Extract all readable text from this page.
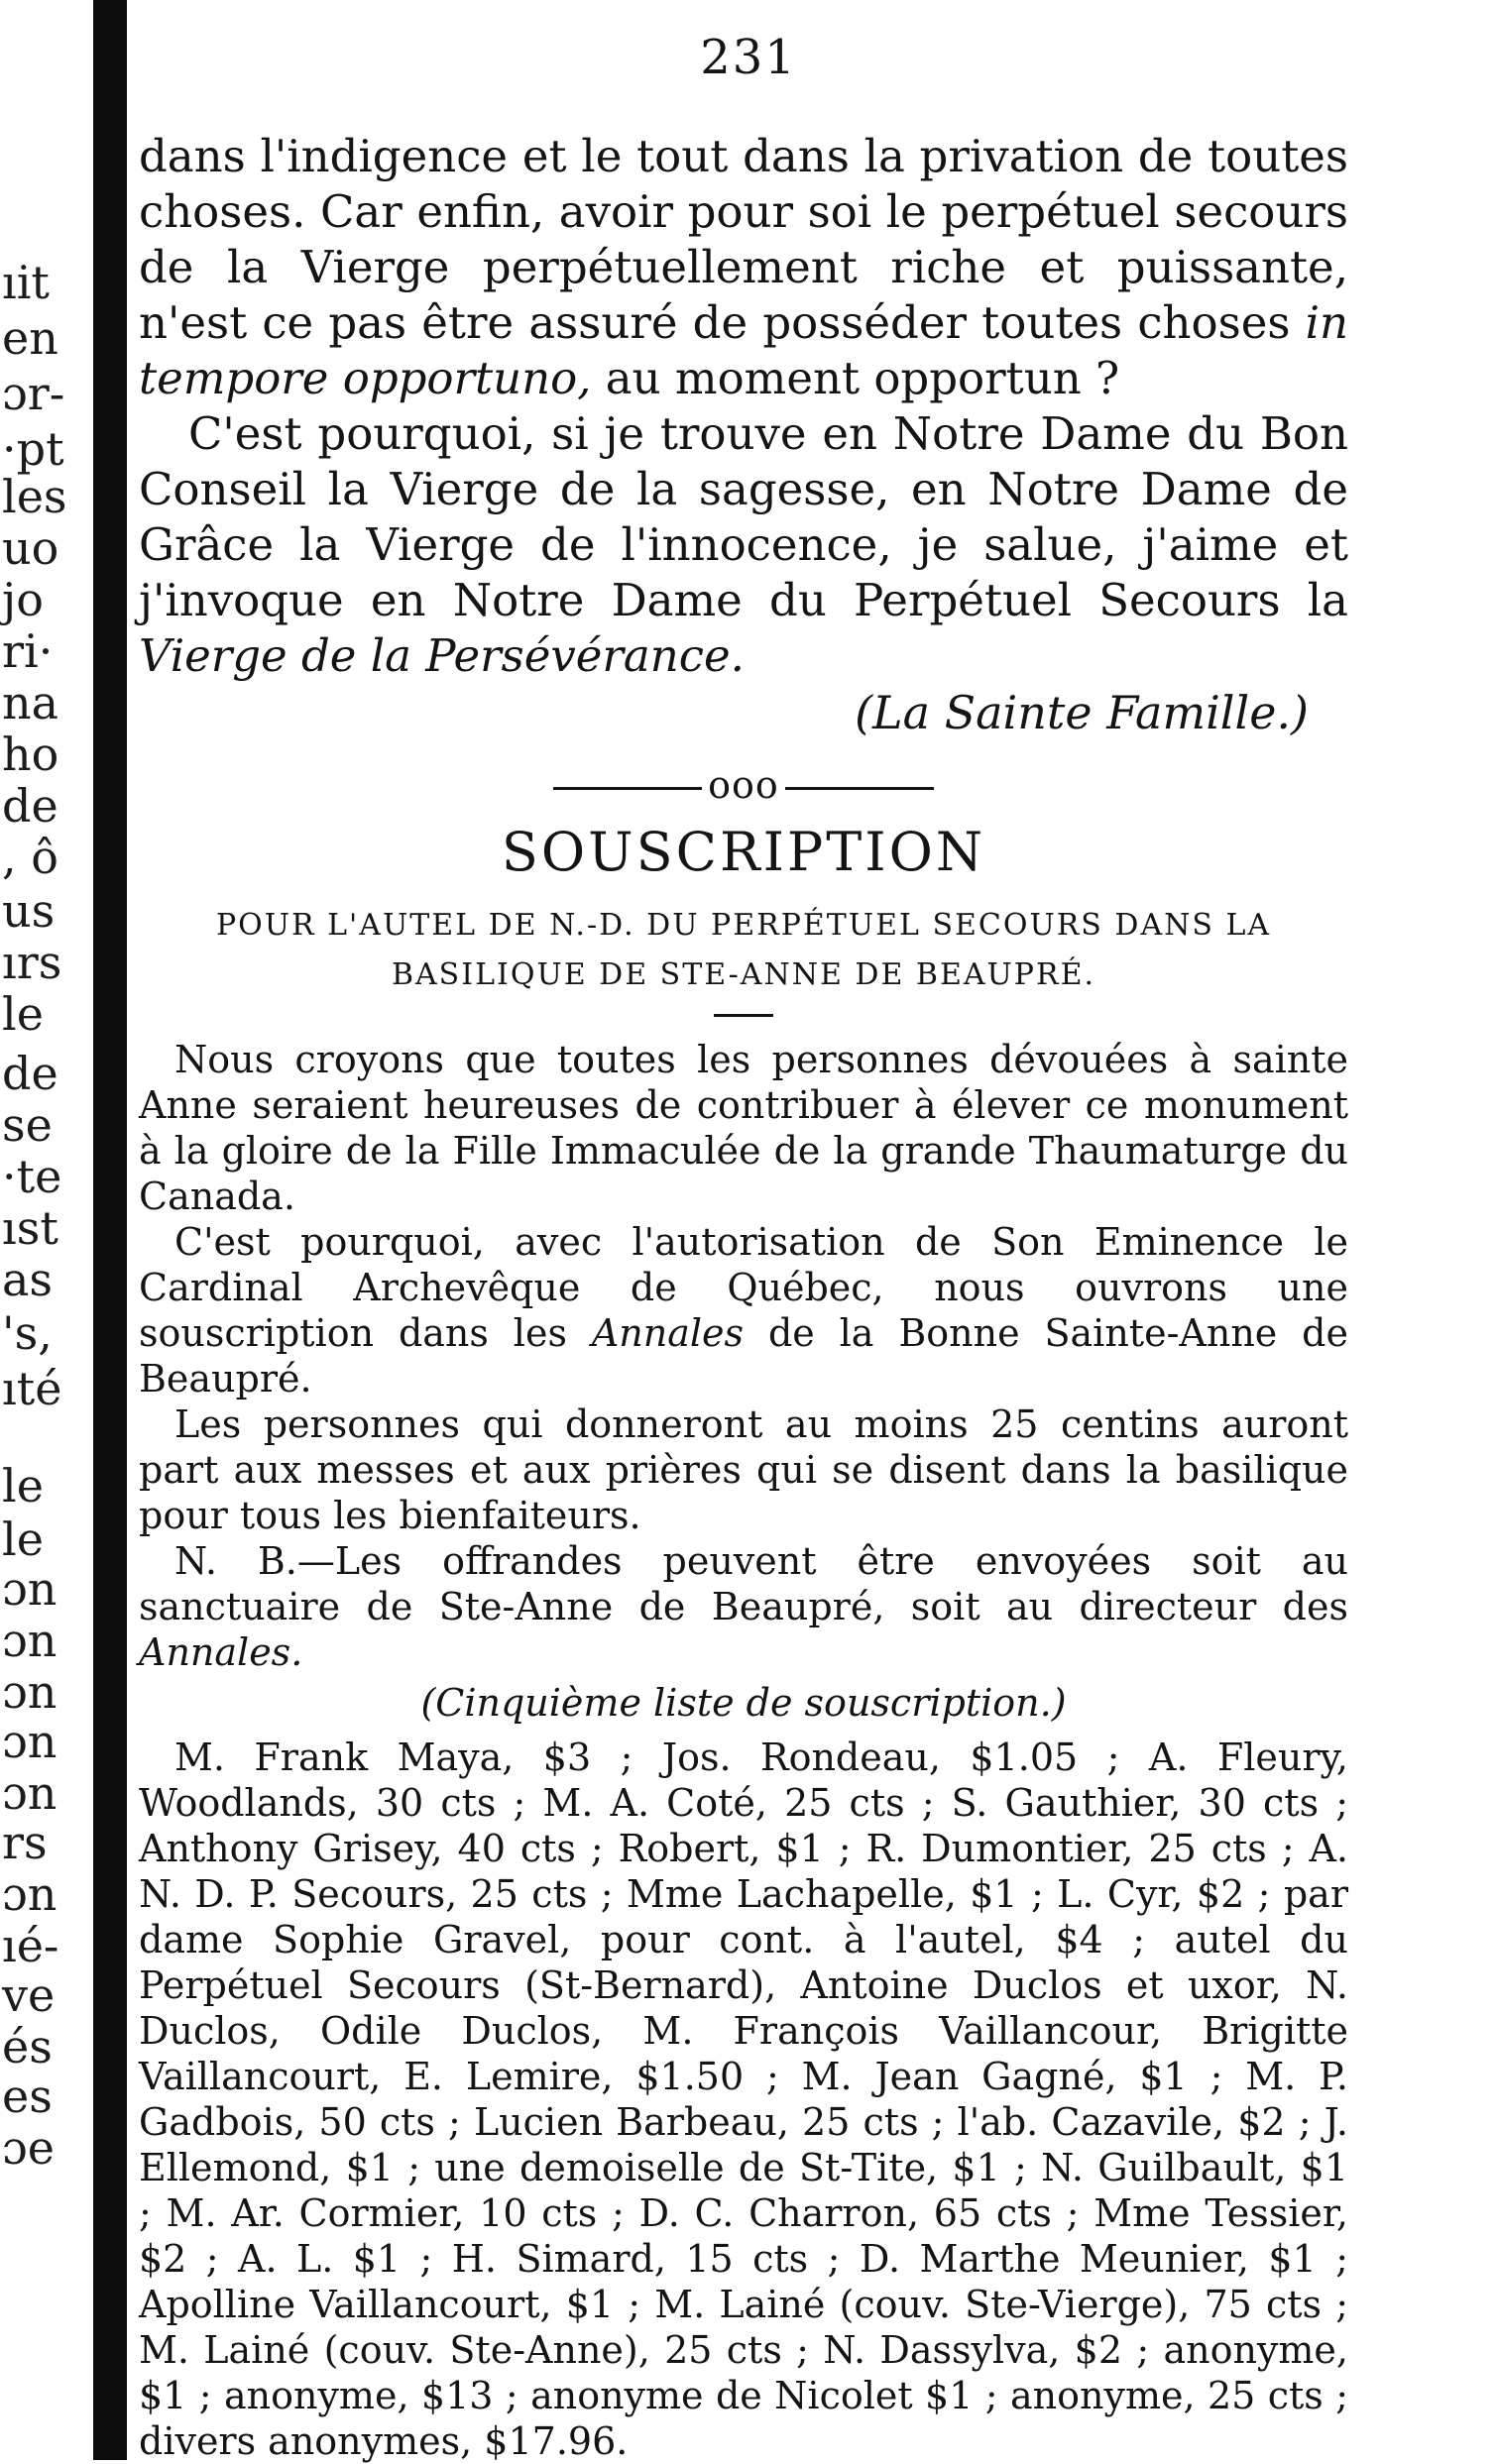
ıit
en
ɔr-
·pt
les
uo
jo
ri·
na
ho
de
, ô
us
ırs
le
de
se
·te
ıst
as
's,
ıté
le
le
ɔn
ɔn
ɔn
ɔn
ɔn
rs
ɔn
ıé-
ve
és
es
ɔe
231

dans l'indigence et le tout dans la privation de toutes choses. Car enfin, avoir pour soi le perpétuel secours de la Vierge perpétuellement riche et puissante, n'est ce pas être assuré de posséder toutes choses in tempore opportuno, au moment opportun ?

C'est pourquoi, si je trouve en Notre Dame du Bon Conseil la Vierge de la sagesse, en Notre Dame de Grâce la Vierge de l'innocence, je salue, j'aime et j'invoque en Notre Dame du Perpétuel Secours la Vierge de la Persévérance.

(La Sainte Famille.)
ooo
SOUSCRIPTION

POUR L'AUTEL DE N.-D. DU PERPÉTUEL SECOURS DANS LA

BASILIQUE DE STE-ANNE DE BEAUPRÉ.

Nous croyons que toutes les personnes dévouées à sainte Anne seraient heureuses de contribuer à élever ce monument à la gloire de la Fille Immaculée de la grande Thaumaturge du Canada.

C'est pourquoi, avec l'autorisation de Son Eminence le Cardinal Archevêque de Québec, nous ouvrons une souscription dans les Annales de la Bonne Sainte-Anne de Beaupré.

Les personnes qui donneront au moins 25 centins auront part aux messes et aux prières qui se disent dans la basilique pour tous les bienfaiteurs.

N. B.—Les offrandes peuvent être envoyées soit au sanctuaire de Ste-Anne de Beaupré, soit au directeur des Annales.

(Cinquième liste de souscription.)

M. Frank Maya, $3 ; Jos. Rondeau, $1.05 ; A. Fleury, Woodlands, 30 cts ; M. A. Coté, 25 cts ; S. Gauthier, 30 cts ; Anthony Grisey, 40 cts ; Robert, $1 ; R. Dumontier, 25 cts ; A. N. D. P. Secours, 25 cts ; Mme Lachapelle, $1 ; L. Cyr, $2 ; par dame Sophie Gravel, pour cont. à l'autel, $4 ; autel du Perpétuel Secours (St-Bernard), Antoine Duclos et uxor, N. Duclos, Odile Duclos, M. François Vaillancour, Brigitte Vaillancourt, E. Lemire, $1.50 ; M. Jean Gagné, $1 ; M. P. Gadbois, 50 cts ; Lucien Barbeau, 25 cts ; l'ab. Cazavile, $2 ; J. Ellemond, $1 ; une demoiselle de St-Tite, $1 ; N. Guilbault, $1 ; M. Ar. Cormier, 10 cts ; D. C. Charron, 65 cts ; Mme Tessier, $2 ; A. L. $1 ; H. Simard, 15 cts ; D. Marthe Meunier, $1 ; Apolline Vaillancourt, $1 ; M. Lainé (couv. Ste-Vierge), 75 cts ; M. Lainé (couv. Ste-Anne), 25 cts ; N. Dassylva, $2 ; anonyme, $1 ; anonyme, $13 ; anonyme de Nicolet $1 ; anonyme, 25 cts ; divers anonymes, $17.96.
